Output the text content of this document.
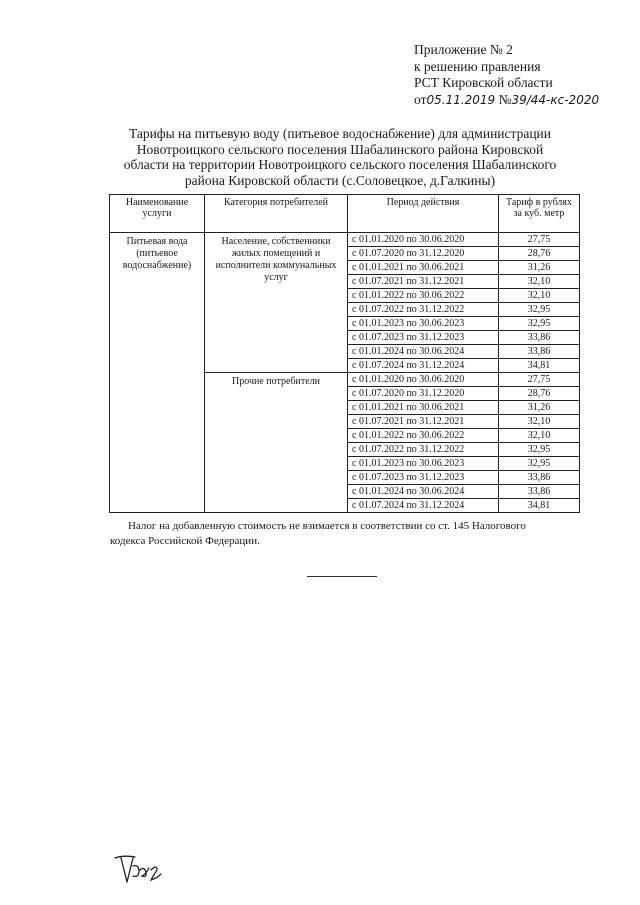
Приложение № 2
к решению правления
РСТ Кировской области
от05.11.2019 №39/44-кс-2020
Тарифы на питьевую воду (питьевое водоснабжение) для администрации
Новотроицкого сельского поселения Шабалинского района Кировской
области на территории Новотроицкого сельского поселения Шабалинского
района Кировской области (с.Соловецкое, д.Галкины)
Наименование услуги	Категория потребителей	Период действия	Тариф в рублях за куб. метр
Питьевая вода (питьевое водоснабжение)	Население, собственники жилых помещений и исполнители коммунальных услуг	с 01.01.2020 по 30.06.2020	27,75
		с 01.07.2020 по 31.12.2020	28,76
		с 01.01.2021 по 30.06.2021	31,26
		с 01.07.2021 по 31.12.2021	32,10
		с 01.01.2022 по 30.06.2022	32,10
		с 01.07.2022 по 31.12.2022	32,95
		с 01.01.2023 по 30.06.2023	32,95
		с 01.07.2023 по 31.12.2023	33,86
		с 01.01.2024 по 30.06.2024	33,86
		с 01.07.2024 по 31.12.2024	34,81
	Прочие потребители	с 01.01.2020 по 30.06.2020	27,75
		с 01.07.2020 по 31.12.2020	28,76
		с 01.01.2021 по 30.06.2021	31,26
		с 01.07.2021 по 31.12.2021	32,10
		с 01.01.2022 по 30.06.2022	32,10
		с 01.07.2022 по 31.12.2022	32,95
		с 01.01.2023 по 30.06.2023	32,95
		с 01.07.2023 по 31.12.2023	33,86
		с 01.01.2024 по 30.06.2024	33,86
		с 01.07.2024 по 31.12.2024	34,81
Налог на добавленную стоимость не взимается в соответствии со ст. 145 Налогового
кодекса Российской Федерации.
